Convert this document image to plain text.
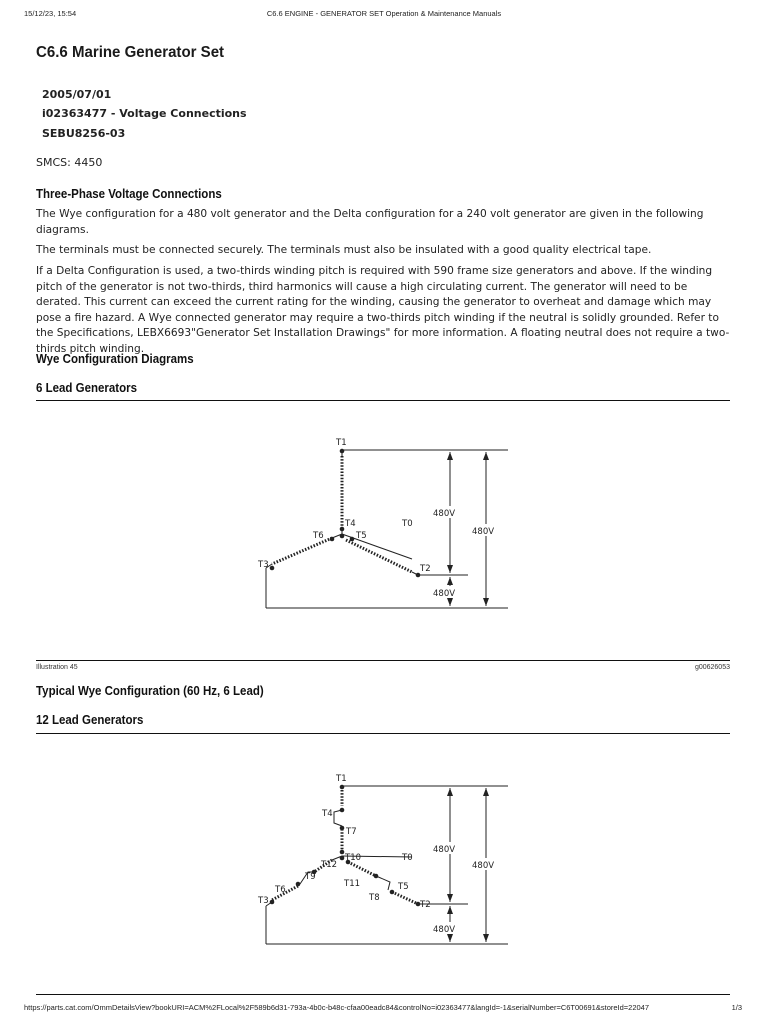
15/12/23, 15:54	C6.6 ENGINE - GENERATOR SET Operation & Maintenance Manuals
C6.6 Marine Generator Set
2005/07/01
i02363477 - Voltage Connections
SEBU8256-03
SMCS: 4450
Three-Phase Voltage Connections

The Wye configuration for a 480 volt generator and the Delta configuration for a 240 volt generator are given in the following diagrams.

The terminals must be connected securely. The terminals must also be insulated with a good quality electrical tape.

If a Delta Configuration is used, a two-thirds winding pitch is required with 590 frame size generators and above. If the winding pitch of the generator is not two-thirds, third harmonics will cause a high circulating current. The generator will need to be derated. This current can exceed the current rating for the winding, causing the generator to overheat and damage which may pose a fire hazard. A Wye connected generator may require a two-thirds pitch winding if the neutral is solidly grounded. Refer to the Specifications, LEBX6693"Generator Set Installation Drawings" for more information. A floating neutral does not require a two-thirds pitch winding.

Wye Configuration Diagrams
6 Lead Generators
T1
T4	T0
T6	T5
T3	T2
480V
480V
480V
Illustration 45	g00626053
Typical Wye Configuration (60 Hz, 6 Lead)
12 Lead Generators
T1
T4
T7
T10	T0
T12
T9
T6
T11	T5
T8
T3	T2
480V
480V
480V
https://parts.cat.com/OmmDetailsView?bookURI=ACM%2FLocal%2F589b6d31-793a-4b0c-b48c-cfaa00eadc84&controlNo=i02363477&langId=-1&serialNumber=C6T00691&storeId=22047	1/3
